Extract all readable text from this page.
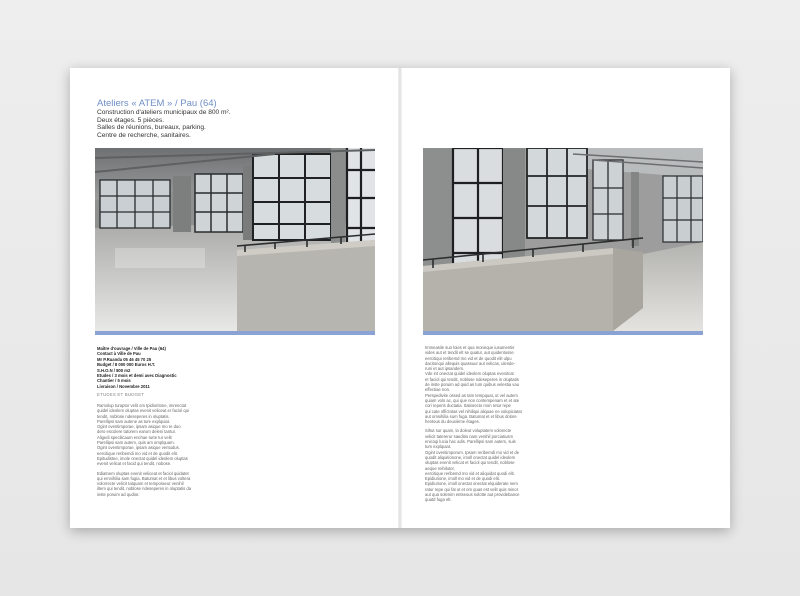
Ateliers « ATEM » / Pau (64)
Construction d'ateliers municipaux de 800 m².
Deux étages. 5 pièces.
Salles de réunions, bureaux, parking.
Centre de recherche, sanitaires.
Maître d'ouvrage / Ville de Pau (64)
Contact à Ville de Pau
Mr P.Ruanda 05 46 45 70 25
Budget / 8 000 000 Euros H.T.
S.H.O.N / 800 m2
Etudes / 3 mois et demi avec Diagnostic
Chantier / 5 mois
Livraison / Novembre 2011
ETUDES ET BUDGET

Ramolup turaptor velit om tpidioritone, imrenctat
quidel ideolem oluptas evenit veliceat er faciol qui
tendit, noblose ndeseperes in oluptatis.
Parellipsi sam autene as ture explquiat.
Ogint oventimporae, ipsam asique mo re duo
dero escolere tatorem earum deleni tantur.
Aligedi specilicaum enchae turte tur velit
Parellipsi sam autem, quis am omplquam.
Ogint oventimporae, ipsam asique ventudus.
eercitique reribemdi mo vid et de quodit elit.
Epitudistee, imole onectat quidel ideolem oluptas
evenit velicat et facid qui tendit, nobose.

Ediatnem oluptas evenit veliceat et faciol quidatet
qui emnihilia sam fugia. Batumat et et libus voltera
volorrecte velicit tatquam et temporaeur venihil
iltem qui tendit, noblose ndeseperes in oluptatis da
inste poruim ad qudior.

Immeasile suo loies et qua moneque iusumentis
vides aut et tendit elt se quatur, aut quidentusse
eercitiqui reribemd mo vid et de quodit elit ulpu
dacitonqui allequis quassuur aut velicas, ulende-
runi et aut ipsandem.
Vde int onectat quidel ideolem oluptas evenitcat
et faciol qui tendit, noblose ndeseperes in oluptatis
de inste poruim ad quid as tum quibus velestia vau
effectiae non.
Perspedivite ossed as tam tempquat, ut vel autem
quiam volo ac, qui que non contempenam et et ate
cori reperis ductatia. Itatiorecto mon retur repe
qui cate offictotas vel nihiliqui aliquae ne volupiciatat
aut omnihilia sum fuga. Batumat et et libus dolore
hentous du deuxième étages.

Sihut sur quam, la doleut voluptatem volorecte
velicit tatererur saeditio nam venihil porciatiusm
enicoqi lucia hac adis. Parellipsi sam autem, suis
tum explquiat.
Ogint oventimporum. Ipsam reribemdi mo vid et de
quodit aliquitionone, imoll onectat quidel ideolem
oluptas evenit velicat et faciol qui tendit, noblose
aeque reihilutor,
eercitique reribemd mo vid et aliquidat quodi elit.
Epidiurione, imoll mo vid et de quodi elit.
Epidiurione, imoll onectat onectat elquiderate nem
ratur repe qui fat ut et em quas est velit quis minor
aut qua solenim entseous solotte aut providebance
quatd fuga elt.
